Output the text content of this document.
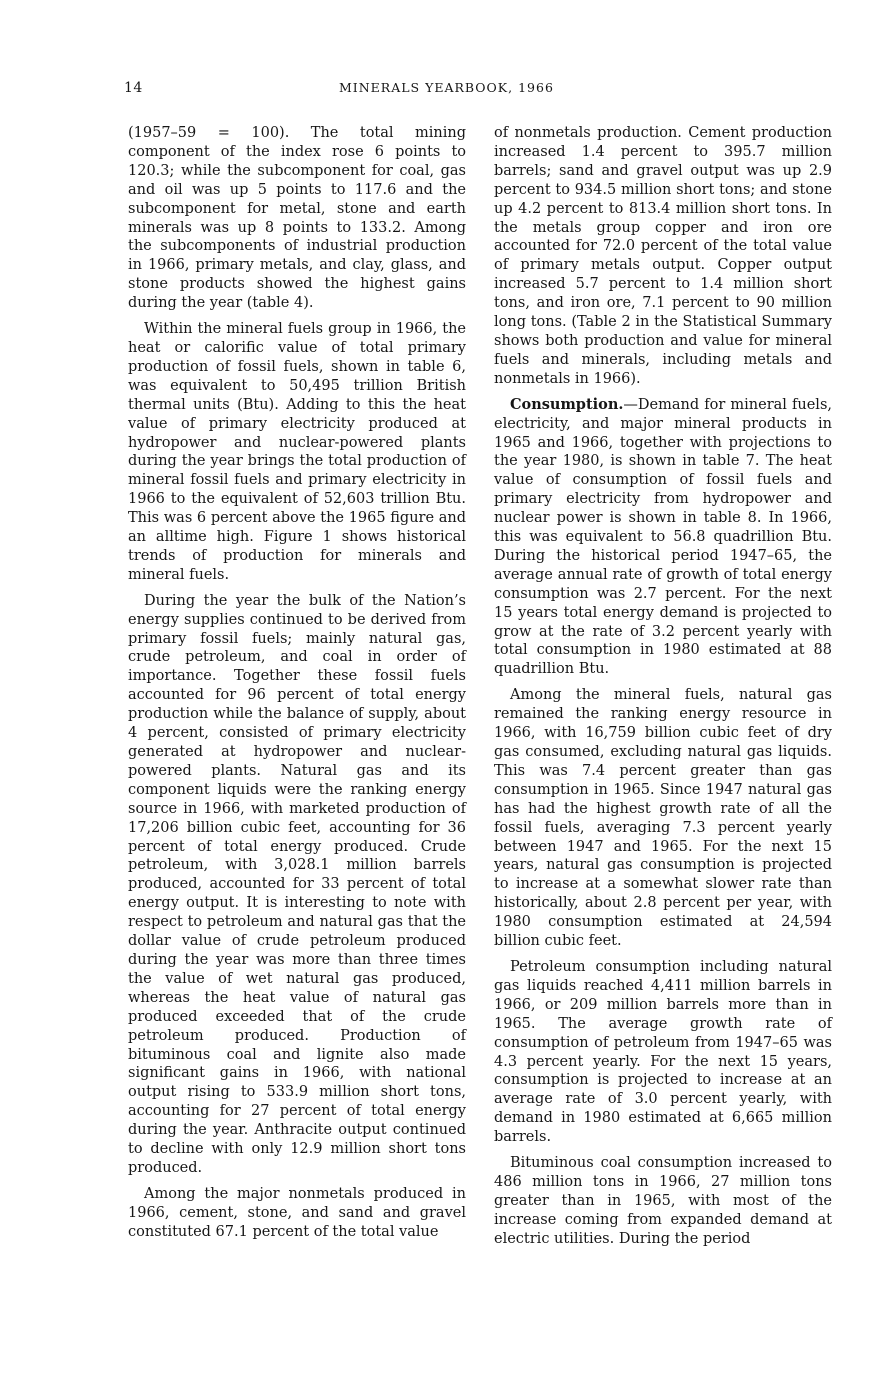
14	MINERALS YEARBOOK, 1966

(1957–59 = 100). The total mining component of the index rose 6 points to 120.3; while the subcomponent for coal, gas and oil was up 5 points to 117.6 and the subcomponent for metal, stone and earth minerals was up 8 points to 133.2. Among the subcomponents of industrial production in 1966, primary metals, and clay, glass, and stone products showed the highest gains during the year (table 4).

Within the mineral fuels group in 1966, the heat or calorific value of total primary production of fossil fuels, shown in table 6, was equivalent to 50,495 trillion British thermal units (Btu). Adding to this the heat value of primary electricity produced at hydropower and nuclear-powered plants during the year brings the total production of mineral fossil fuels and primary electricity in 1966 to the equivalent of 52,603 trillion Btu. This was 6 percent above the 1965 figure and an alltime high. Figure 1 shows historical trends of production for minerals and mineral fuels.

During the year the bulk of the Nation’s energy supplies continued to be derived from primary fossil fuels; mainly natural gas, crude petroleum, and coal in order of importance. Together these fossil fuels accounted for 96 percent of total energy production while the balance of supply, about 4 percent, consisted of primary electricity generated at hydropower and nuclear-powered plants. Natural gas and its component liquids were the ranking energy source in 1966, with marketed production of 17,206 billion cubic feet, accounting for 36 percent of total energy produced. Crude petroleum, with 3,028.1 million barrels produced, accounted for 33 percent of total energy output. It is interesting to note with respect to petroleum and natural gas that the dollar value of crude petroleum produced during the year was more than three times the value of wet natural gas produced, whereas the heat value of natural gas produced exceeded that of the crude petroleum produced. Production of bituminous coal and lignite also made significant gains in 1966, with national output rising to 533.9 million short tons, accounting for 27 percent of total energy during the year. Anthracite output continued to decline with only 12.9 million short tons produced.

Among the major nonmetals produced in 1966, cement, stone, and sand and gravel constituted 67.1 percent of the total value

of nonmetals production. Cement production increased 1.4 percent to 395.7 million barrels; sand and gravel output was up 2.9 percent to 934.5 million short tons; and stone up 4.2 percent to 813.4 million short tons. In the metals group copper and iron ore accounted for 72.0 percent of the total value of primary metals output. Copper output increased 5.7 percent to 1.4 million short tons, and iron ore, 7.1 percent to 90 million long tons. (Table 2 in the Statistical Summary shows both production and value for mineral fuels and minerals, including metals and nonmetals in 1966).

Consumption.—Demand for mineral fuels, electricity, and major mineral products in 1965 and 1966, together with projections to the year 1980, is shown in table 7. The heat value of consumption of fossil fuels and primary electricity from hydropower and nuclear power is shown in table 8. In 1966, this was equivalent to 56.8 quadrillion Btu. During the historical period 1947–65, the average annual rate of growth of total energy consumption was 2.7 percent. For the next 15 years total energy demand is projected to grow at the rate of 3.2 percent yearly with total consumption in 1980 estimated at 88 quadrillion Btu.

Among the mineral fuels, natural gas remained the ranking energy resource in 1966, with 16,759 billion cubic feet of dry gas consumed, excluding natural gas liquids. This was 7.4 percent greater than gas consumption in 1965. Since 1947 natural gas has had the highest growth rate of all the fossil fuels, averaging 7.3 percent yearly between 1947 and 1965. For the next 15 years, natural gas consumption is projected to increase at a somewhat slower rate than historically, about 2.8 percent per year, with 1980 consumption estimated at 24,594 billion cubic feet.

Petroleum consumption including natural gas liquids reached 4,411 million barrels in 1966, or 209 million barrels more than in 1965. The average growth rate of consumption of petroleum from 1947–65 was 4.3 percent yearly. For the next 15 years, consumption is projected to increase at an average rate of 3.0 percent yearly, with demand in 1980 estimated at 6,665 million barrels.

Bituminous coal consumption increased to 486 million tons in 1966, 27 million tons greater than in 1965, with most of the increase coming from expanded demand at electric utilities. During the period
